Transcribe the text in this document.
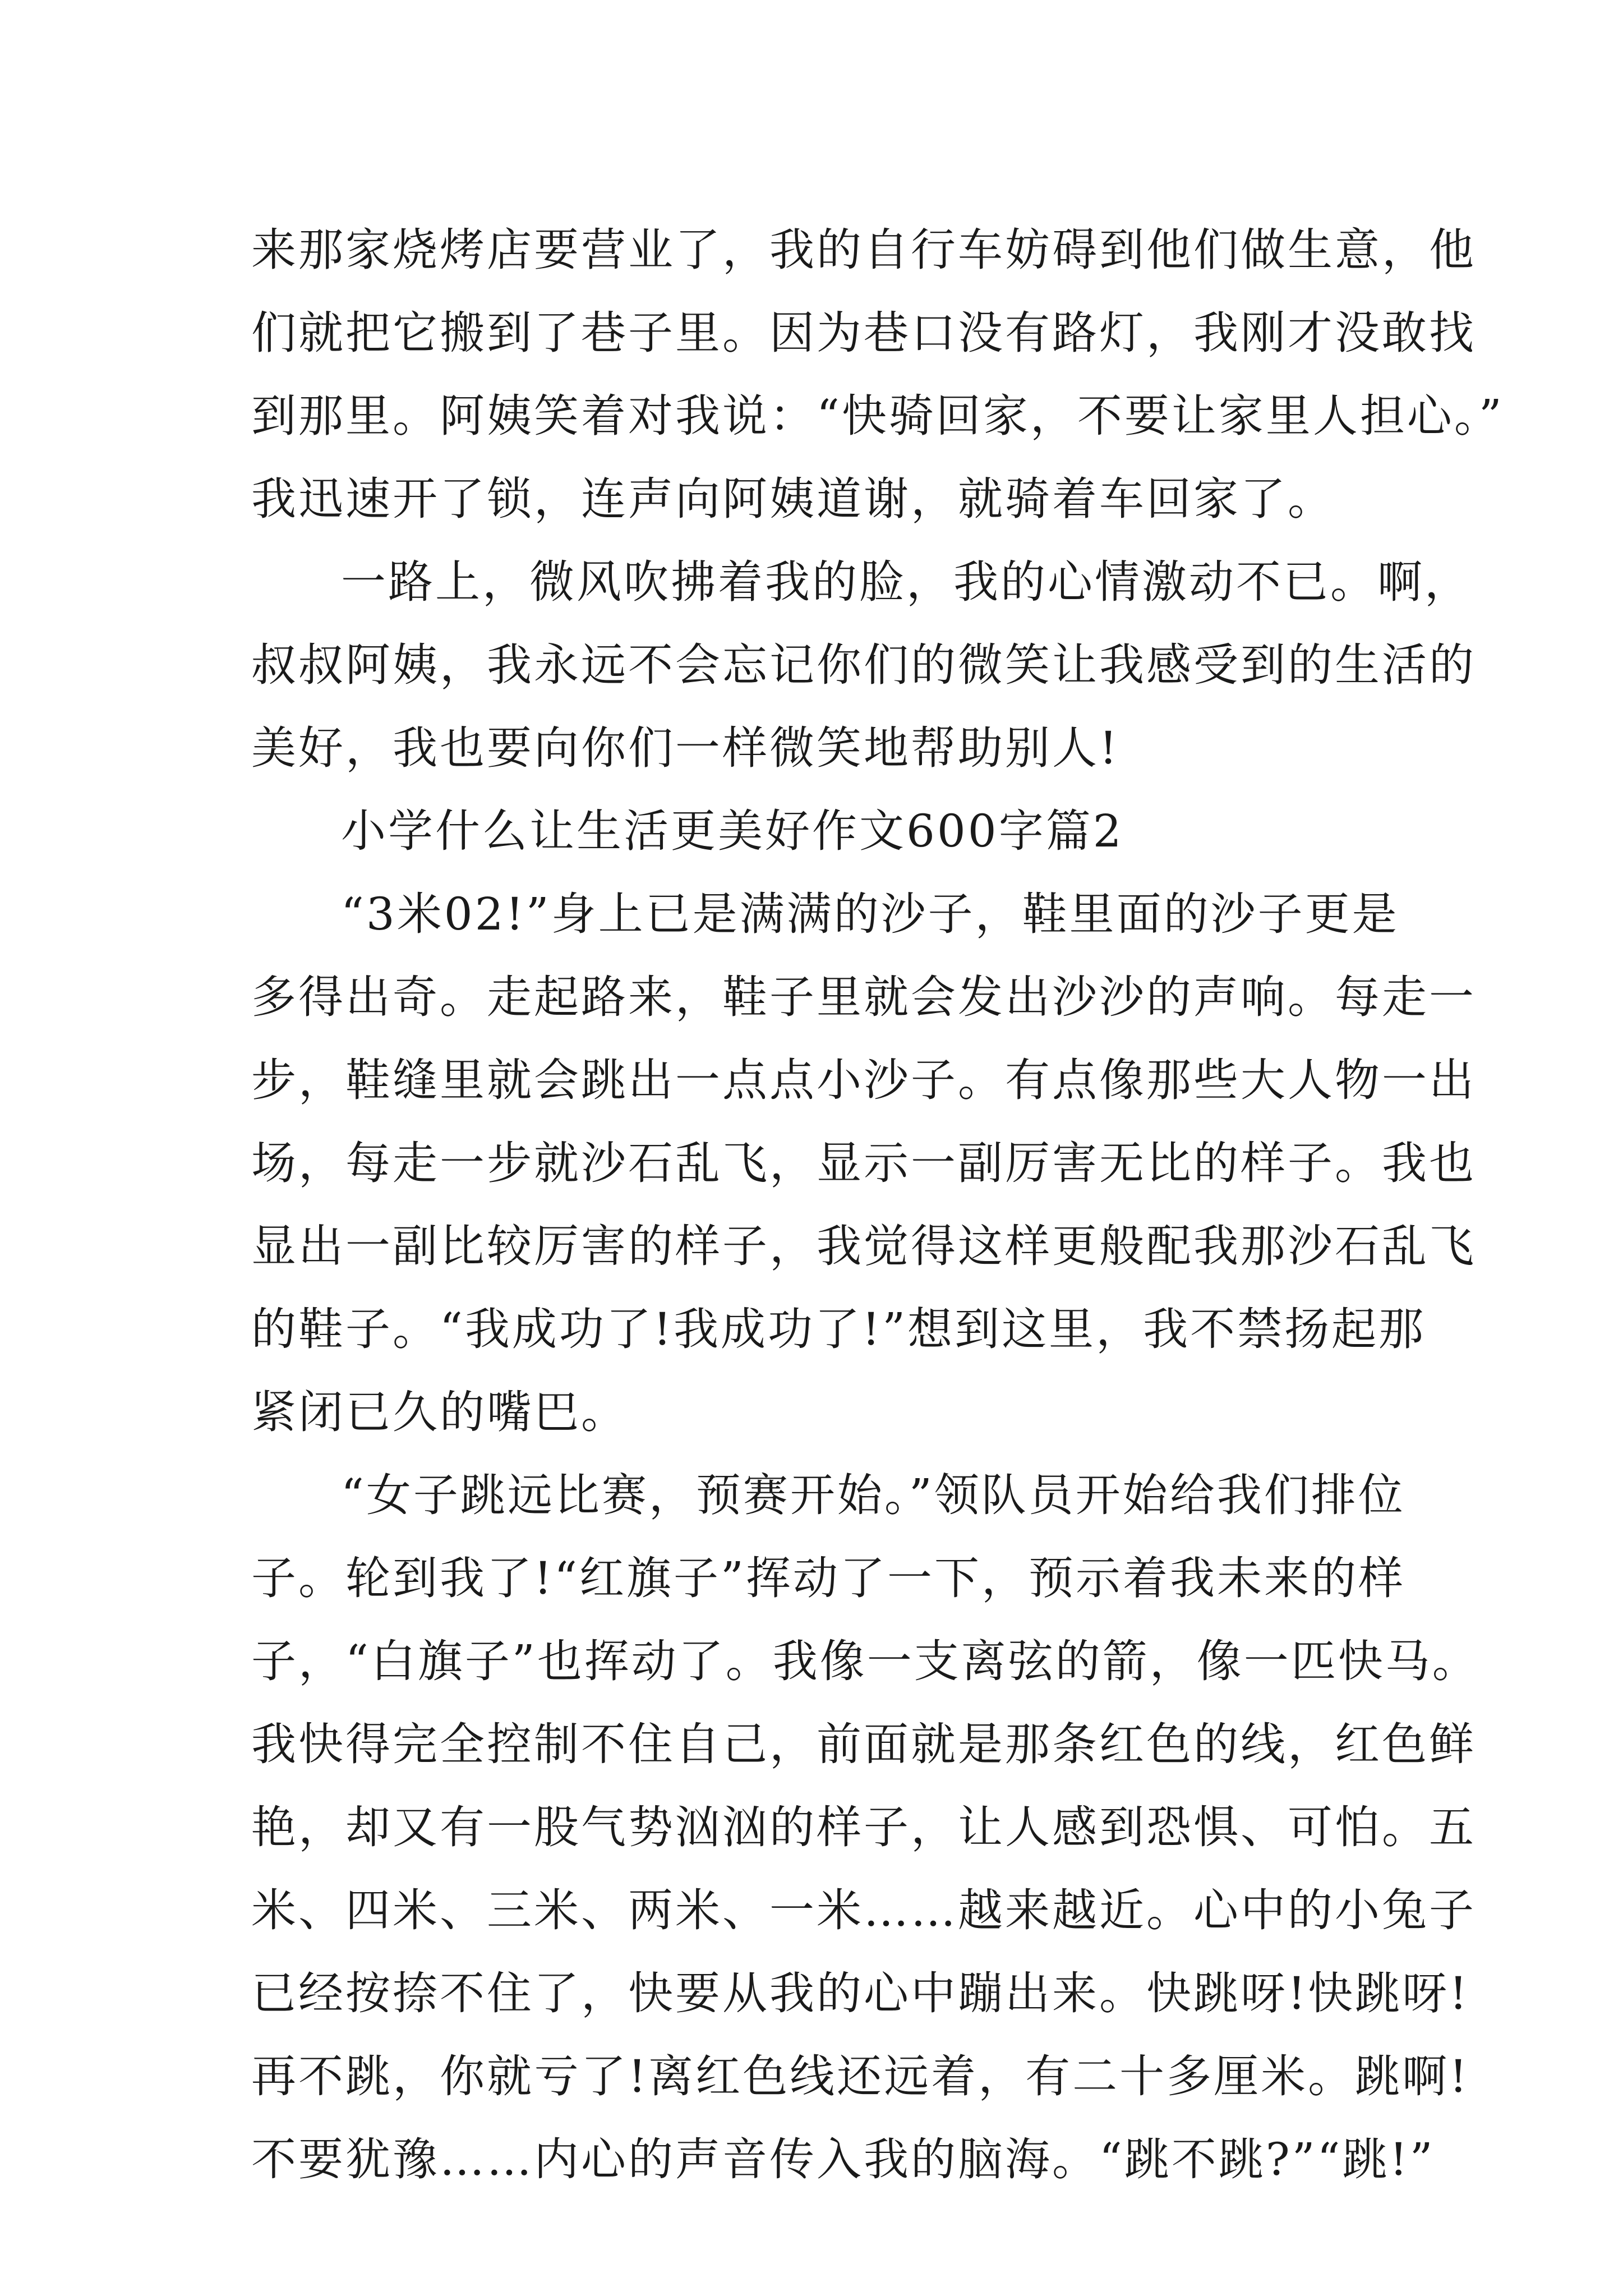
来那家烧烤店要营业了，我的自行车妨碍到他们做生意，他
们就把它搬到了巷子里。因为巷口没有路灯，我刚才没敢找
到那里。阿姨笑着对我说：“快骑回家，不要让家里人担心。”
我迅速开了锁，连声向阿姨道谢，就骑着车回家了。
一路上，微风吹拂着我的脸，我的心情激动不已。啊，
叔叔阿姨，我永远不会忘记你们的微笑让我感受到的生活的
美好，我也要向你们一样微笑地帮助别人!
小学什么让生活更美好作文600字篇2
“3米02!”身上已是满满的沙子，鞋里面的沙子更是
多得出奇。走起路来，鞋子里就会发出沙沙的声响。每走一
步，鞋缝里就会跳出一点点小沙子。有点像那些大人物一出
场，每走一步就沙石乱飞，显示一副厉害无比的样子。我也
显出一副比较厉害的样子，我觉得这样更般配我那沙石乱飞
的鞋子。“我成功了!我成功了!”想到这里，我不禁扬起那
紧闭已久的嘴巴。
“女子跳远比赛，预赛开始。”领队员开始给我们排位
子。轮到我了!“红旗子”挥动了一下，预示着我未来的样
子，“白旗子”也挥动了。我像一支离弦的箭，像一匹快马。
我快得完全控制不住自己，前面就是那条红色的线，红色鲜
艳，却又有一股气势汹汹的样子，让人感到恐惧、可怕。五
米、四米、三米、两米、一米……越来越近。心中的小兔子
已经按捺不住了，快要从我的心中蹦出来。快跳呀!快跳呀!
再不跳，你就亏了!离红色线还远着，有二十多厘米。跳啊!
不要犹豫……内心的声音传入我的脑海。“跳不跳?”“跳!”
